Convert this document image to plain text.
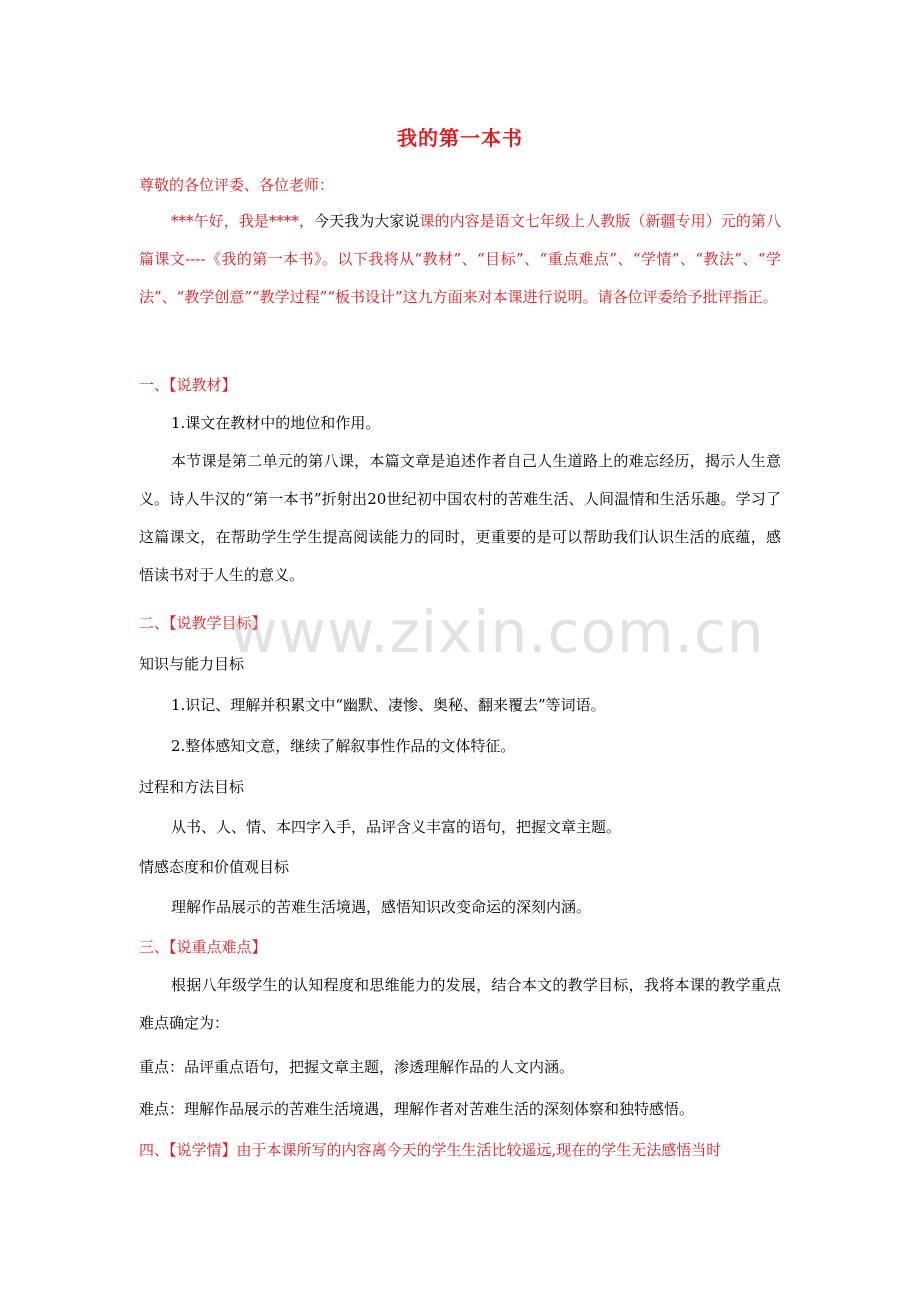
我的第一本书

尊敬的各位评委、各位老师：

***午好，我是****，今天我为大家说课的内容是语文七年级上人教版（新疆专用）元的第八篇课文----《我的第一本书》。以下我将从“教材”、“目标”、“重点难点”、“学情”、“教法”、“学法”、“教学创意”“教学过程”“板书设计”这九方面来对本课进行说明。请各位评委给予批评指正。

一、【说教材】

1.课文在教材中的地位和作用。

本节课是第二单元的第八课，本篇文章是追述作者自己人生道路上的难忘经历，揭示人生意义。诗人牛汉的“第一本书”折射出20世纪初中国农村的苦难生活、人间温情和生活乐趣。学习了这篇课文，在帮助学生学生提高阅读能力的同时，更重要的是可以帮助我们认识生活的底蕴，感悟读书对于人生的意义。

二、【说教学目标】

知识与能力目标

1.识记、理解并积累文中“幽默、凄惨、奥秘、翻来覆去”等词语。

2.整体感知文意，继续了解叙事性作品的文体特征。

过程和方法目标

从书、人、情、本四字入手，品评含义丰富的语句，把握文章主题。

情感态度和价值观目标

理解作品展示的苦难生活境遇，感悟知识改变命运的深刻内涵。

三、【说重点难点】

根据八年级学生的认知程度和思维能力的发展，结合本文的教学目标，我将本课的教学重点难点确定为：

重点：品评重点语句，把握文章主题，渗透理解作品的人文内涵。

难点：理解作品展示的苦难生活境遇，理解作者对苦难生活的深刻体察和独特感悟。

四、【说学情】由于本课所写的内容离今天的学生生活比较遥远,现在的学生无法感悟当时

www.zixin.com.cn
